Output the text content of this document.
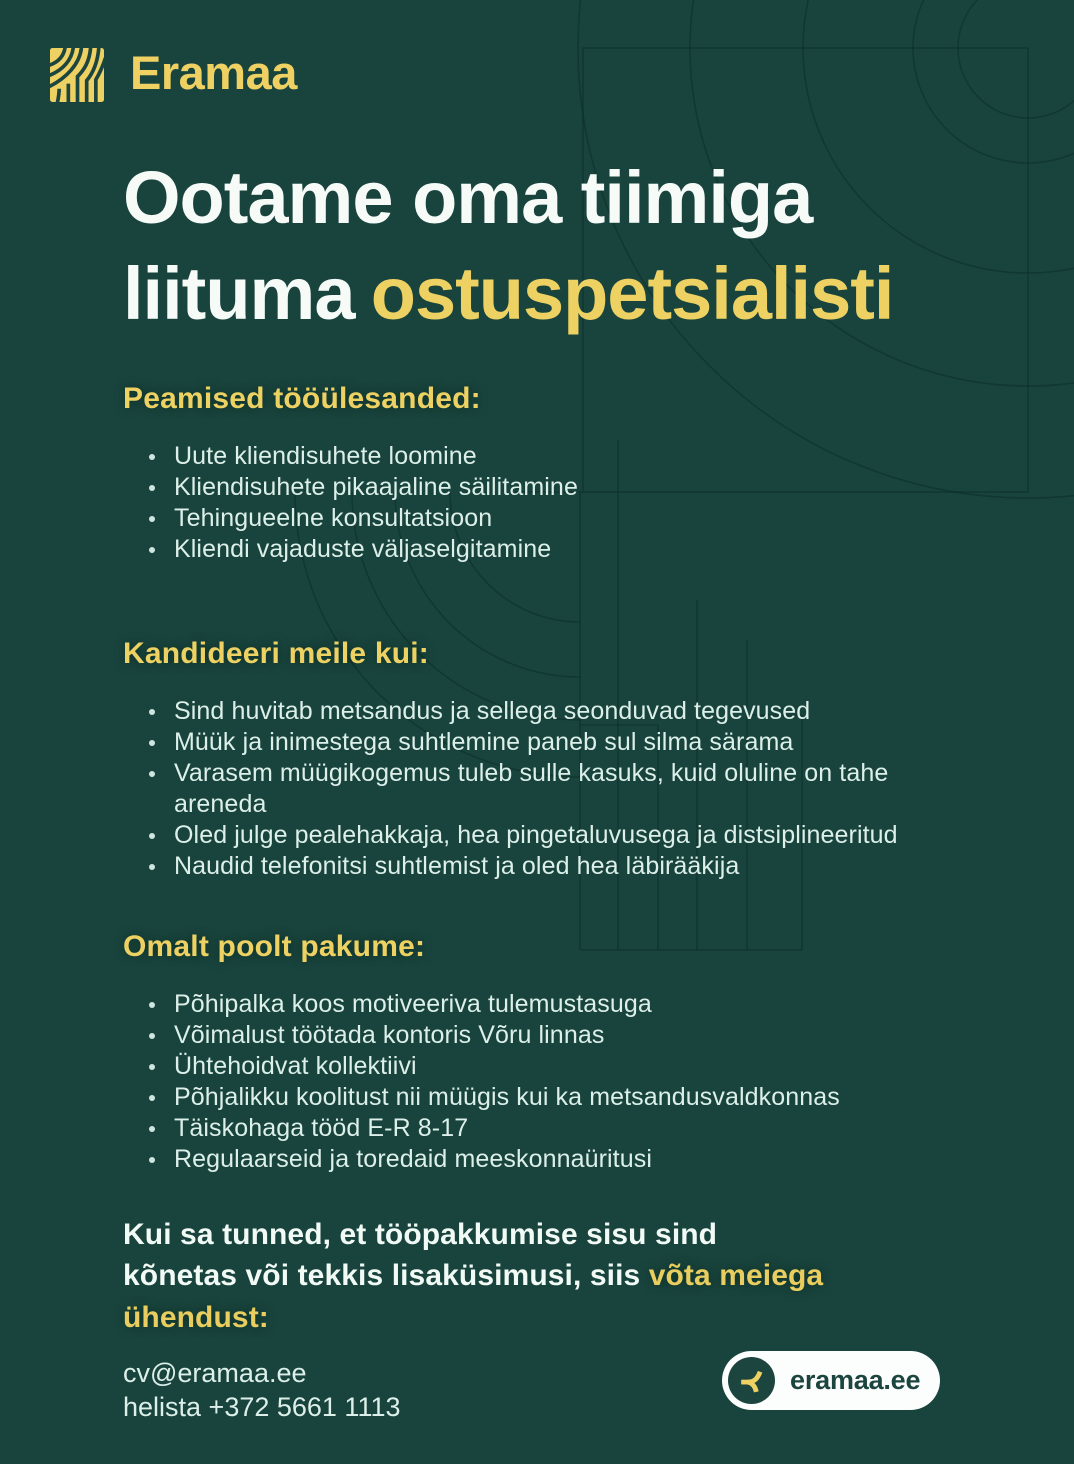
Eramaa
Ootame oma tiimiga
liituma ostuspetsialisti
Peamised tööülesanded:
Uute kliendisuhete loomine
Kliendisuhete pikaajaline säilitamine
Tehingueelne konsultatsioon
Kliendi vajaduste väljaselgitamine
Kandideeri meile kui:
Sind huvitab metsandus ja sellega seonduvad tegevused
Müük ja inimestega suhtlemine paneb sul silma särama
Varasem müügikogemus tuleb sulle kasuks, kuid oluline on tahe areneda
Oled julge pealehakkaja, hea pingetaluvusega ja distsiplineeritud
Naudid telefonitsi suhtlemist ja oled hea läbirääkija
Omalt poolt pakume:
Põhipalka koos motiveeriva tulemustasuga
Võimalust töötada kontoris Võru linnas
Ühtehoidvat kollektiivi
Põhjalikku koolitust nii müügis kui ka metsandusvaldkonnas
Täiskohaga tööd E-R 8-17
Regulaarseid ja toredaid meeskonnaüritusi
Kui sa tunned, et tööpakkumise sisu sind kõnetas või tekkis lisaküsimusi, siis võta meiega ühendust:
cv@eramaa.ee
helista +372 5661 1113
eramaa.ee
